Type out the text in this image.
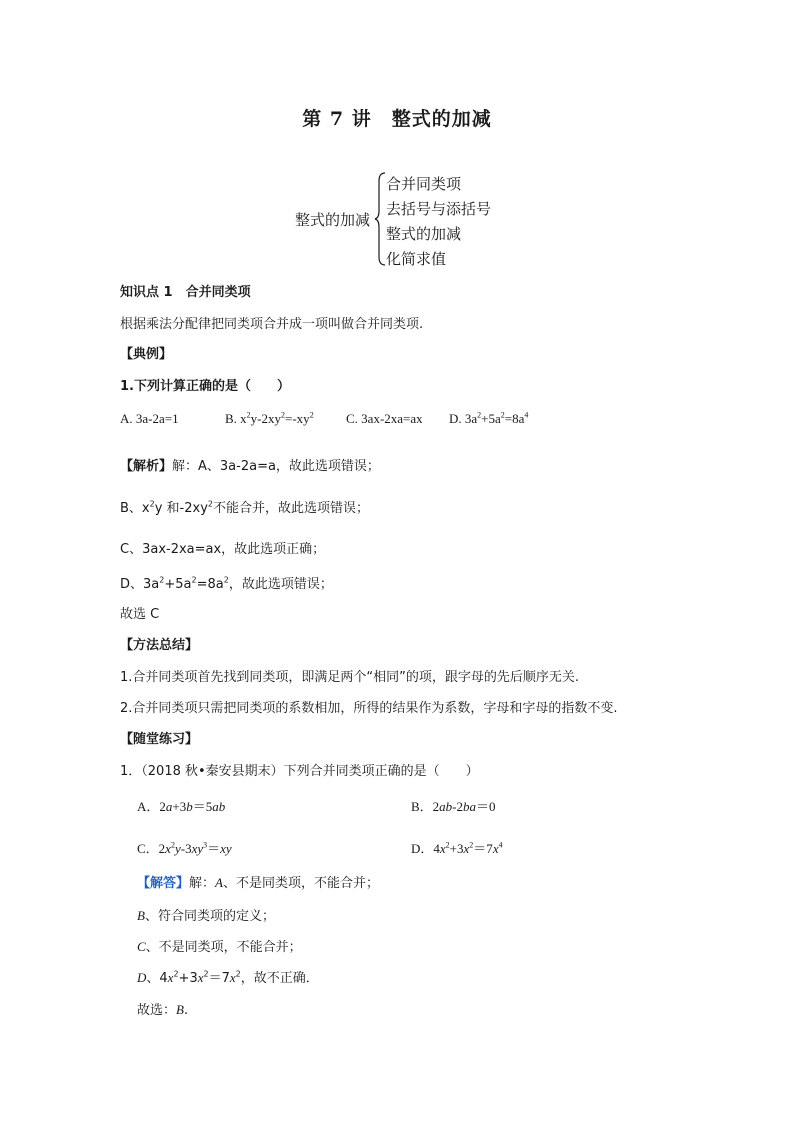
第 7 讲　整式的加减
整式的加减
合并同类项
去括号与添括号
整式的加减
化简求值
知识点 1　合并同类项
根据乘法分配律把同类项合并成一项叫做合并同类项.
【典例】
1.下列计算正确的是（　　）
A. 3a-2a=1	B. $x^2y-2xy^2=-xy^2$ C. 3ax-2xa=ax D. $3a^2+5a^2=8a^4$
【解析】解：A、3a-2a=a，故此选项错误；
B、$x^2y$ 和$-2xy^2$不能合并，故此选项错误；
C、3ax-2xa=ax，故此选项正确；
D、$3a^2+5a^2=8a^2$，故此选项错误；
故选 C
【方法总结】
1.合并同类项首先找到同类项，即满足两个“相同”的项，跟字母的先后顺序无关.
2.合并同类项只需把同类项的系数相加，所得的结果作为系数，字母和字母的指数不变.
【随堂练习】
1．（2018 秋•秦安县期末）下列合并同类项正确的是（　　）
A．2a+3b＝5ab	B．2ab-2ba＝0
C．$2x^2y-3xy^3=xy$	D．$4x^2+3x^2=7x^4$
【解答】解：A、不是同类项，不能合并；
B、符合同类项的定义；
C、不是同类项，不能合并；
D、$4x^2+3x^2=7x^2$，故不正确．
故选：B.
